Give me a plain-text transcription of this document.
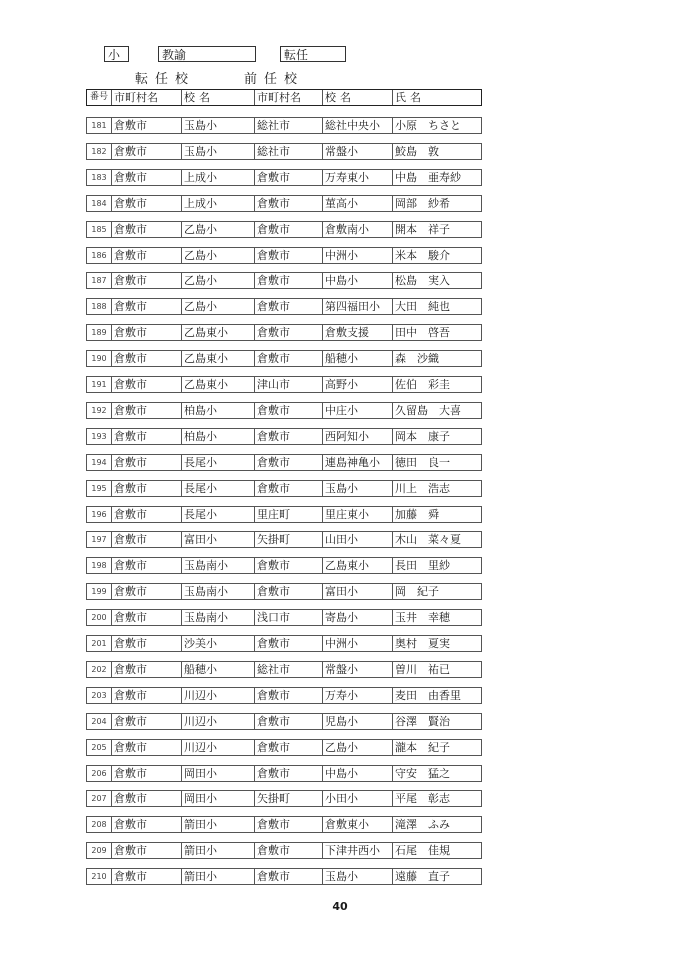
小	教諭	転任
転任校	前任校
番号 市町村名	校名	市町村名	校名	氏名
181 倉敷市	玉島小	総社市	総社中央小	小原　ちさと
182 倉敷市	玉島小	総社市	常盤小	鮫島　敦
183 倉敷市	上成小	倉敷市	万寿東小	中島　亜寿紗
184 倉敷市	上成小	倉敷市	菫高小	岡部　紗希
185 倉敷市	乙島小	倉敷市	倉敷南小	開本　祥子
186 倉敷市	乙島小	倉敷市	中洲小	米本　駿介
187 倉敷市	乙島小	倉敷市	中島小	松島　実入
188 倉敷市	乙島小	倉敷市	第四福田小	大田　純也
189 倉敷市	乙島東小	倉敷市	倉敷支援	田中　啓吾
190 倉敷市	乙島東小	倉敷市	船穂小	森　沙織
191 倉敷市	乙島東小	津山市	高野小	佐伯　彩圭
192 倉敷市	柏島小	倉敷市	中庄小	久留島　大喜
193 倉敷市	柏島小	倉敷市	西阿知小	岡本　康子
194 倉敷市	長尾小	倉敷市	連島神亀小	徳田　良一
195 倉敷市	長尾小	倉敷市	玉島小	川上　浩志
196 倉敷市	長尾小	里庄町	里庄東小	加藤　舜
197 倉敷市	富田小	矢掛町	山田小	木山　菜々夏
198 倉敷市	玉島南小	倉敷市	乙島東小	長田　里紗
199 倉敷市	玉島南小	倉敷市	富田小	岡　紀子
200 倉敷市	玉島南小	浅口市	寄島小	玉井　幸穂
201 倉敷市	沙美小	倉敷市	中洲小	奥村　夏実
202 倉敷市	船穂小	総社市	常盤小	曽川　祐已
203 倉敷市	川辺小	倉敷市	万寿小	麦田　由香里
204 倉敷市	川辺小	倉敷市	児島小	谷澤　賢治
205 倉敷市	川辺小	倉敷市	乙島小	瀧本　紀子
206 倉敷市	岡田小	倉敷市	中島小	守安　猛之
207 倉敷市	岡田小	矢掛町	小田小	平尾　彰志
208 倉敷市	箭田小	倉敷市	倉敷東小	滝澤　ふみ
209 倉敷市	箭田小	倉敷市	下津井西小	石尾　佳規
210 倉敷市	箭田小	倉敷市	玉島小	遠藤　直子
40
